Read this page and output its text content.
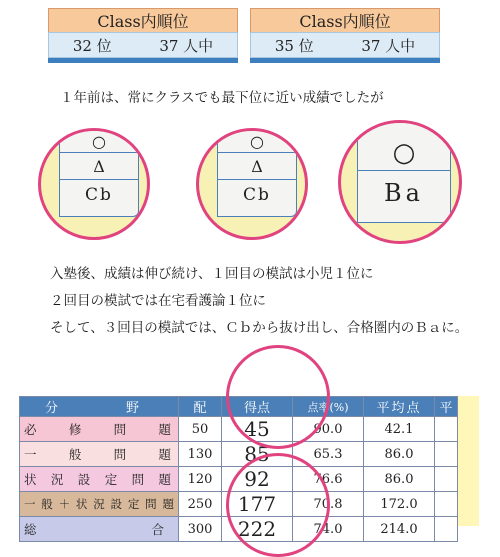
Class内順位
32 位	37 人中
Class内順位
35 位	37 人中
１年前は、常にクラスでも最下位に近い成績でしたが
○
Δ
Cb
○
Δ
Cb
○
Ba
入塾後、成績は伸び続け、１回目の模試は小児１位に
２回目の模試では在宅看護論１位に
そして、３回目の模試では、Ｃｂから抜け出し、合格圏内のＢａに。
分　　野	配	得点	点率(%)	平均点	平
必修問題	50	45	90.0	42.1	
一般問題	130	85	65.3	86.0	
状況設定問題	120	92	76.6	86.0	
一般＋状況設定問題	250	177	70.8	172.0	
総合	300	222	74.0	214.0	
